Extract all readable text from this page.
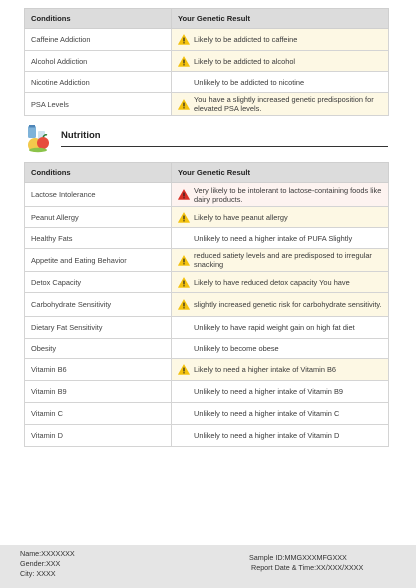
Conditions	Your Genetic Result
Caffeine Addiction	Likely to be addicted to caffeine

Alcohol Addiction	Likely to be addicted to alcohol

Nicotine Addiction	Unlikely to be addicted to nicotine

PSA Levels	You have a slightly increased genetic predisposition for elevated PSA levels.
Nutrition
Conditions	Your Genetic Result
Lactose Intolerance	Very likely to be intolerant to lactose-containing foods like dairy products.

Peanut Allergy	Likely to have peanut allergy

Healthy Fats	Unlikely to need a higher intake of PUFA Slightly

Appetite and Eating Behavior	reduced satiety levels and are predisposed to irregular snacking

Detox Capacity	Likely to have reduced detox capacity You have

Carbohydrate Sensitivity	slightly increased genetic risk for carbohydrate sensitivity.

Dietary Fat Sensitivity	Unlikely to have rapid weight gain on high fat diet

Obesity	Unlikely to become obese

Vitamin B6	Likely to need a higher intake of Vitamin B6

Vitamin B9	Unlikely to need a higher intake of Vitamin B9

Vitamin C	Unlikely to need a higher intake of Vitamin C

Vitamin D	Unlikely to need a higher intake of Vitamin D
Name:XXXXXXX
Gender:XXX
City: XXXX
Sample ID:MMGXXXMFGXXX
Report Date & Time:XX/XXX/XXXX
